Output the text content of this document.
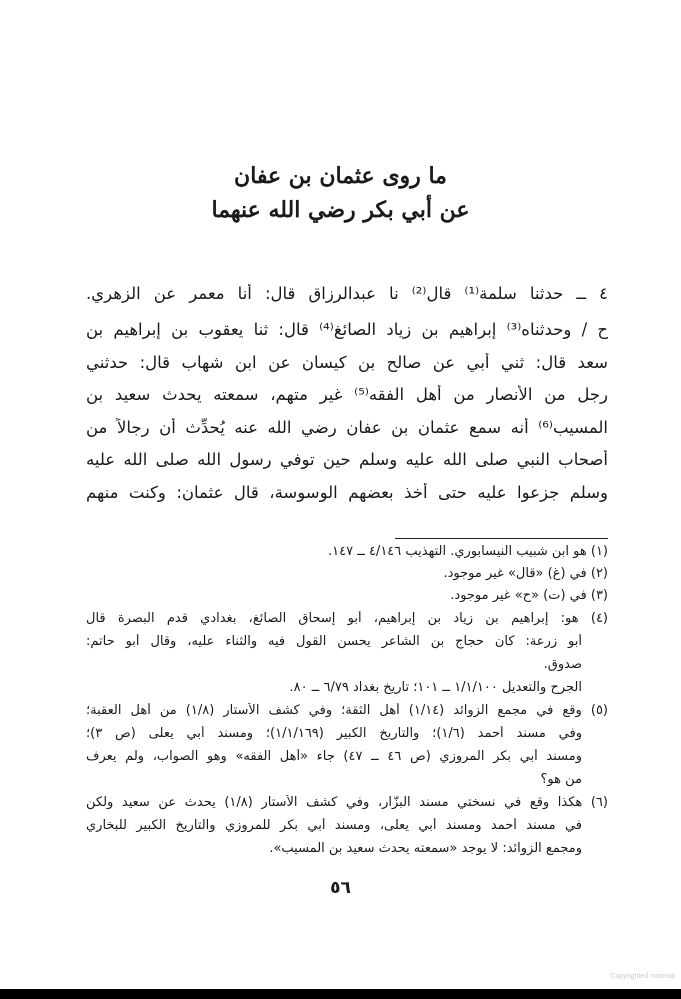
ما روى عثمان بن عفان
عن أبي بكر رضي الله عنهما
٤ ــ حدثنا سلمة⁽¹⁾ قال⁽²⁾ نا عبدالرزاق قال: أنا معمر عن الزهري.
ح / وحدثناه⁽³⁾ إبراهيم بن زياد الصائغ⁽⁴⁾ قال: ثنا يعقوب بن إبراهيم بن
سعد قال: ثني أبي عن صالح بن كيسان عن ابن شهاب قال: حدثني
رجل من الأنصار من أهل الفقه⁽⁵⁾ غير متهم، سمعته يحدث سعيد بن
المسيب⁽⁶⁾ أنه سمع عثمان بن عفان رضي الله عنه يُحدِّث أن رجالاً من
أصحاب النبي صلى الله عليه وسلم حين توفي رسول الله صلى الله عليه
وسلم جزعوا عليه حتى أخذ بعضهم الوسوسة، قال عثمان: وكنت منهم
(١) هو ابن شبيب النيسابوري. التهذيب ٤/١٤٦ ــ ١٤٧.
(٢) في (غ) «قال» غير موجود.
(٣) في (ت) «ح» غير موجود.
(٤) هو: إبراهيم بن زياد بن إبراهيم، أبو إسحاق الصائغ، بغدادي قدم البصرة قال
أبو زرعة: كان حجاج بن الشاعر يحسن القول فيه والثناء عليه، وقال أبو حاتم:
صدوق.
الجرح والتعديل ١/١/١٠٠ ــ ١٠١؛ تاريخ بغداد ٦/٧٩ ــ ٨٠.
(٥) وقع في مجمع الزوائد (١/١٤) أهل الثقة؛ وفي كشف الأستار (١/٨) من أهل العقبة؛
وفي مسند أحمد (١/٦)؛ والتاريخ الكبير (١/١/١٦٩)؛ ومسند أبي يعلى (ص ٣)؛
ومسند أبي بكر المروزي (ص ٤٦ ــ ٤٧) جاء «أهل الفقه» وهو الصواب، ولم يعرف
من هو؟
(٦) هكذا وقع في نسختي مسند البزّار، وفي كشف الأستار (١/٨) يحدث عن سعيد ولكن
في مسند أحمد ومسند أبي يعلى، ومسند أبي بكر للمروزي والتاريخ الكبير للبخاري
ومجمع الزوائد: لا يوجد «سمعته يحدث سعيد بن المسيب».
٥٦
Copyrighted material
